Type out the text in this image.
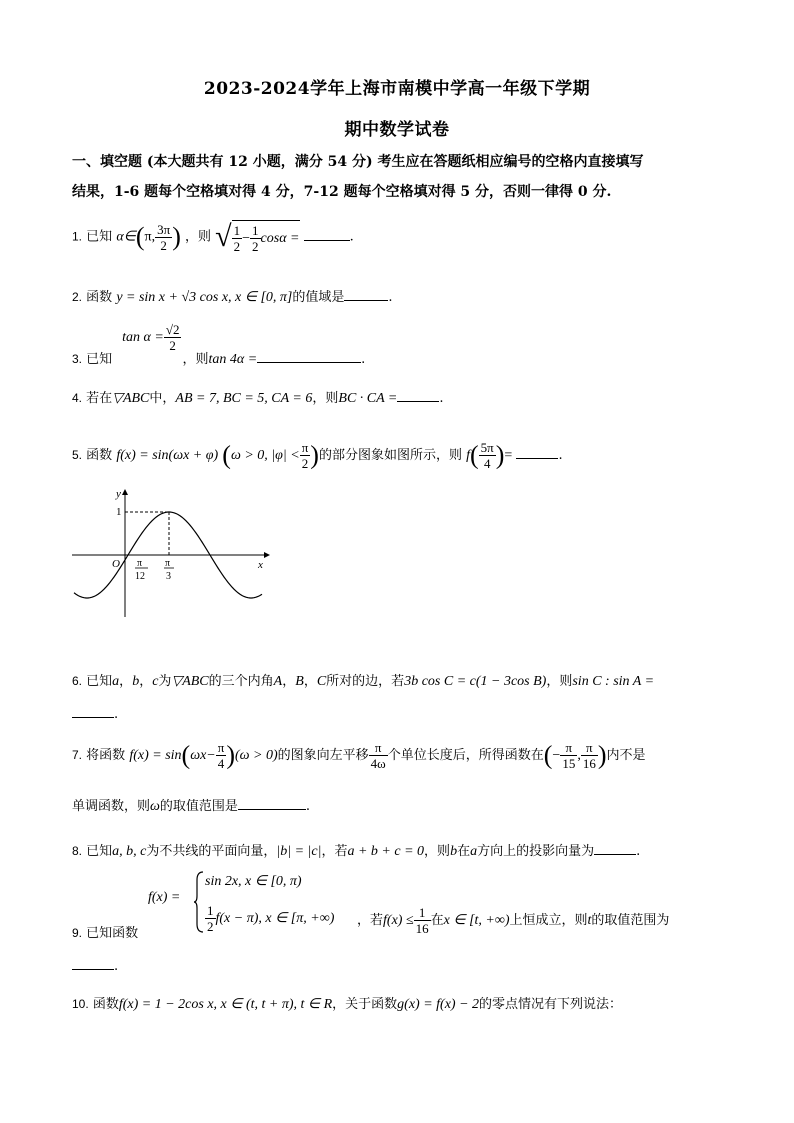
2023-2024学年上海市南模中学高一年级下学期
期中数学试卷
一、填空题 (本大题共有 12 小题，满分 54 分) 考生应在答题纸相应编号的空格内直接填写
结果，1-6 题每个空格填对得 4 分，7-12 题每个空格填对得 5 分，否则一律得 0 分.
1. 已知 α∈(π, $\frac{3\pi}{2}$ ) ，则 √ $\frac{1}{2} - \frac{1}{2}$ cosα =	.
2. 函数 y = sin x + √3 cos x, x ∈ [0, π]的值域是	.
$\tan \alpha = \frac{√2}{2}$
3. 已知	，则tan 4α =	.
4. 若在▽ABC中，AB = 7, BC = 5, CA = 6，则BC · CA =	.
5. 函数 f(x) = sin(ωx + φ) (ω > 0, $|\varphi| < \frac{\pi}{2}$ )的部分图象如图所示，则 $f( \frac{5\pi}{4}$ )=	.
y
x
O
1
π
12
π
3
6. 已知a，b，c为▽ABC的三个内角A，B，C所对的边，若3b cos C = c(1 − 3cos B)，则sin C : sin A =
.
7. 将函数 $f(x) = \sin(\omega x- \frac{\pi}{4} )(\omega > 0)$的图象向左平移 $\frac{\pi}{4\omega}$ 个单位长度后，所得函数在(− $\frac{\pi}{15}$ , $\frac{\pi}{16}$ )内不是
单调函数，则ω的取值范围是	.
8. 已知a, b, c为不共线的平面向量，|b| = |c|，若a + b + c = 0，则b在a方向上的投影向量为	.
f(x) =
sin 2x, x ∈ [0, π)
$\frac{1}{2} f(x - \pi)$, x ∈ [π, +∞)
9. 已知函数
，若$f(x) \le \frac{1}{16}$ 在x ∈ [t, +∞)上恒成立，则t的取值范围为
.
10. 函数f(x) = 1 − 2cos x, x ∈ (t, t + π), t ∈ R，关于函数g(x) = f(x) − 2的零点情况有下列说法：
